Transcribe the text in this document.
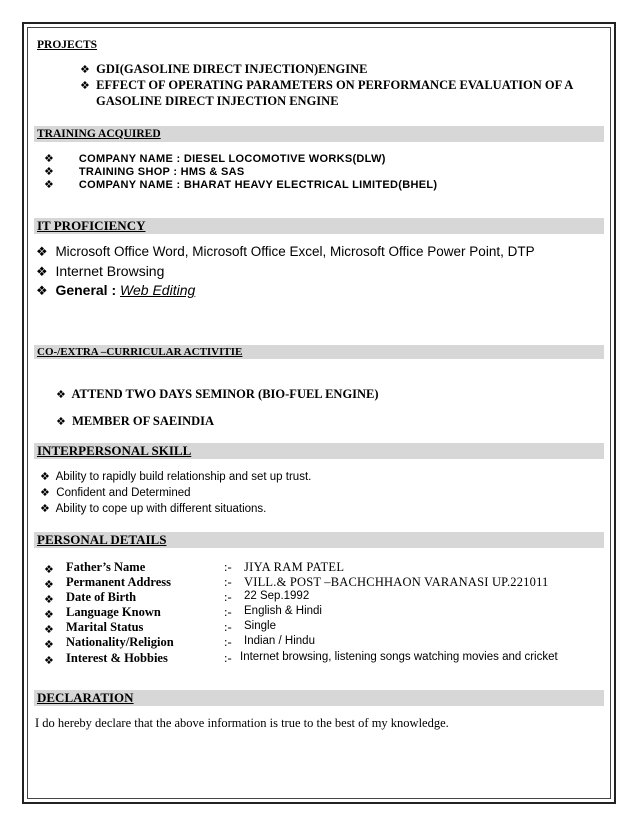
PROJECTS
❖ GDI(GASOLINE DIRECT INJECTION)ENGINE
❖ EFFECT OF OPERATING PARAMETERS ON PERFORMANCE EVALUATION OF A
GASOLINE DIRECT INJECTION ENGINE
TRAINING ACQUIRED
❖ COMPANY NAME : DIESEL LOCOMOTIVE WORKS(DLW)
❖ TRAINING SHOP : HMS & SAS
❖ COMPANY NAME : BHARAT HEAVY ELECTRICAL LIMITED(BHEL)
IT PROFICIENCY
❖ Microsoft Office Word, Microsoft Office Excel, Microsoft Office Power Point, DTP
❖ Internet Browsing
❖ General : Web Editing
CO-/EXTRA –CURRICULAR ACTIVITIE
❖ ATTEND TWO DAYS SEMINOR (BIO-FUEL ENGINE)
❖ MEMBER OF SAEINDIA
INTERPERSONAL SKILL
❖ Ability to rapidly build relationship and set up trust.
❖ Confident and Determined
❖ Ability to cope up with different situations.
PERSONAL DETAILS
❖ Father’s Name	:- JIYA RAM PATEL
❖ Permanent Address	:- VILL.& POST –BACHCHHAON VARANASI UP.221011
❖ Date of Birth	:- 22 Sep.1992
❖ Language Known	:- English & Hindi
❖ Marital Status	:- Single
❖ Nationality/Religion	:- Indian / Hindu
❖ Interest & Hobbies	:- Internet browsing, listening songs watching movies and cricket
DECLARATION
I do hereby declare that the above information is true to the best of my knowledge.
